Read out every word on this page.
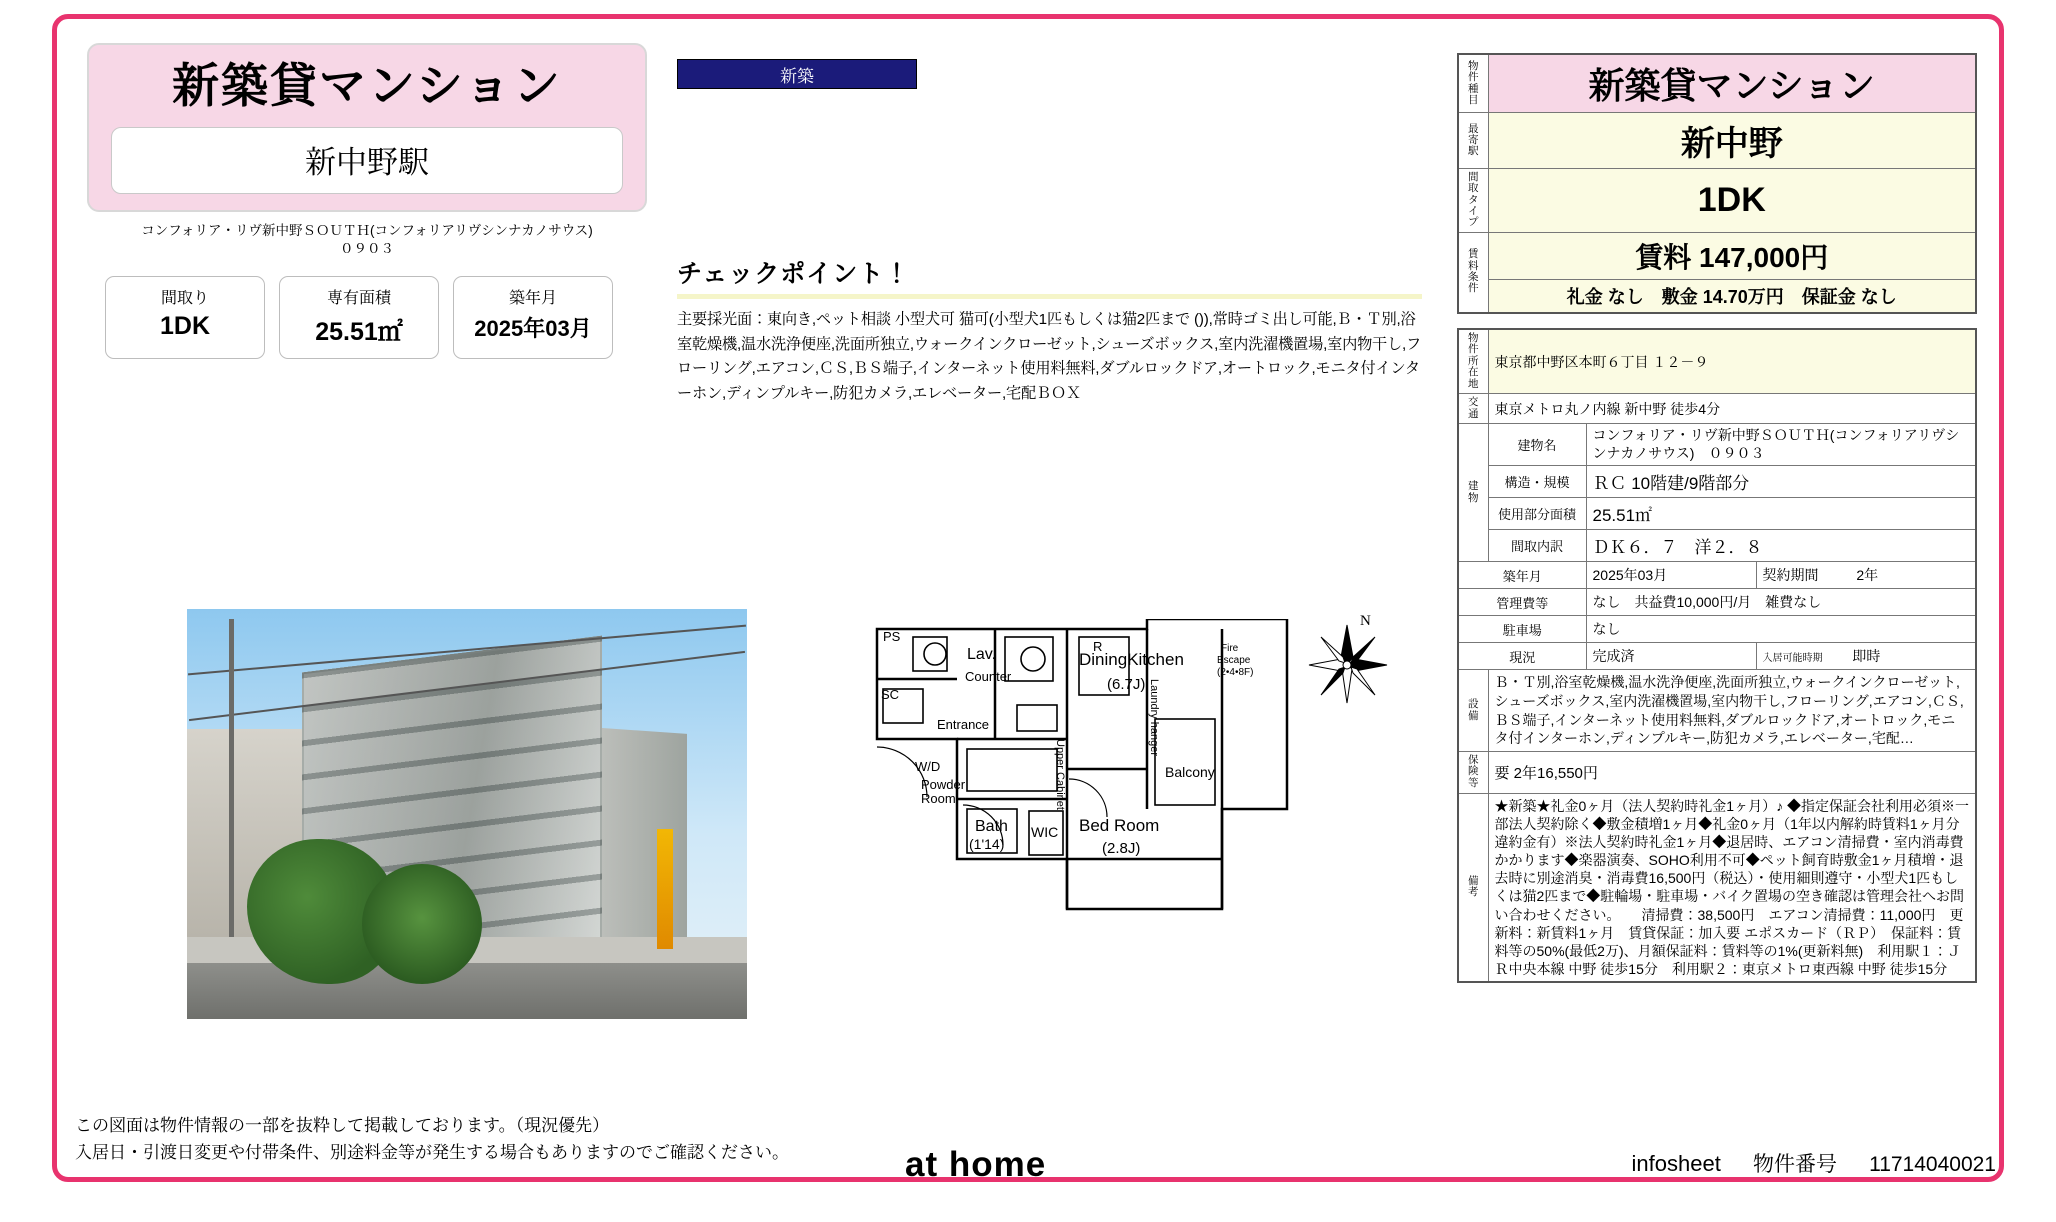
新築貸マンション
新中野駅
コンフォリア・リヴ新中野ＳＯＵＴＨ(コンフォリアリヴシンナカノサウス)
０９０３
間取り
1DK
専有面積
25.51㎡
築年月
2025年03月
新築
チェックポイント！
主要採光面：東向き,ペット相談 小型犬可 猫可(小型犬1匹もしくは猫2匹まで ()),常時ゴミ出し可能,Ｂ・Ｔ別,浴室乾燥機,温水洗浄便座,洗面所独立,ウォークインクローゼット,シューズボックス,室内洗濯機置場,室内物干し,フローリング,エアコン,ＣＳ,ＢＳ端子,インターネット使用料無料,ダブルロックドア,オートロック,モニタ付インターホン,ディンプルキー,防犯カメラ,エレベーター,宅配ＢＯＸ
N
PS
SC
Lav.
Counter
Entrance
W/D
Powder
Room
Bath
(1'14)
WIC
R
DiningKitchen
(6.7J)
Bed Room
(2.8J)
Balcony
Fire
Escape
(2•4•8F)
Upper Cabinet
Laundry hanger
物件種目	新築貸マンション
最寄駅	新中野
間取タイプ	1DK
賃料条件	賃料 147,000円
	礼金 なし　敷金 14.70万円　保証金 なし
物件所在地	東京都中野区本町６丁目 １２－９		
交通	東京メトロ丸ノ内線 新中野 徒歩4分		
建物	建物名	コンフォリア・リヴ新中野ＳＯＵＴＨ(コンフォリアリヴシンナカノサウス)　０９０３	
	構造・規模	ＲＣ 10階建/9階部分	
	使用部分面積	25.51㎡	
	間取内訳	ＤＫ６．７　洋２．８	
築年月		2025年03月	契約期間 2年
管理費等		なし　共益費10,000円/月　雑費なし	
駐車場		なし	
現況		完成済	入居可能時期 即時
設備	Ｂ・Ｔ別,浴室乾燥機,温水洗浄便座,洗面所独立,ウォークインクローゼット,シューズボックス,室内洗濯機置場,室内物干し,フローリング,エアコン,ＣＳ,ＢＳ端子,インターネット使用料無料,ダブルロックドア,オートロック,モニタ付インターホン,ディンプルキー,防犯カメラ,エレベーター,宅配…		
保険等	要 2年16,550円		
備考	★新築★礼金0ヶ月（法人契約時礼金1ヶ月）♪ ◆指定保証会社利用必須※一部法人契約除く◆敷金積増1ヶ月◆礼金0ヶ月（1年以内解約時賃料1ヶ月分違約金有）※法人契約時礼金1ヶ月◆退居時、エアコン清掃費・室内消毒費かかります◆楽器演奏、SOHO利用不可◆ペット飼育時敷金1ヶ月積増・退去時に別途消臭・消毒費16,500円（税込）・使用細則遵守・小型犬1匹もしくは猫2匹まで◆駐輪場・駐車場・バイク置場の空き確認は管理会社へお問い合わせください。　　清掃費：38,500円　エアコン清掃費：11,000円　更新料：新賃料1ヶ月　賃貸保証：加入要 エポスカード（ＲＰ）　保証料：賃料等の50%(最低2万)、月額保証料：賃料等の1%(更新料無)　利用駅１：ＪＲ中央本線 中野 徒歩15分　利用駅２：東京メトロ東西線 中野 徒歩15分		
この図面は物件情報の一部を抜粋して掲載しております。（現況優先）
入居日・引渡日変更や付帯条件、別途料金等が発生する場合もありますのでご確認ください。	at home	infosheet 物件番号 11714040021
